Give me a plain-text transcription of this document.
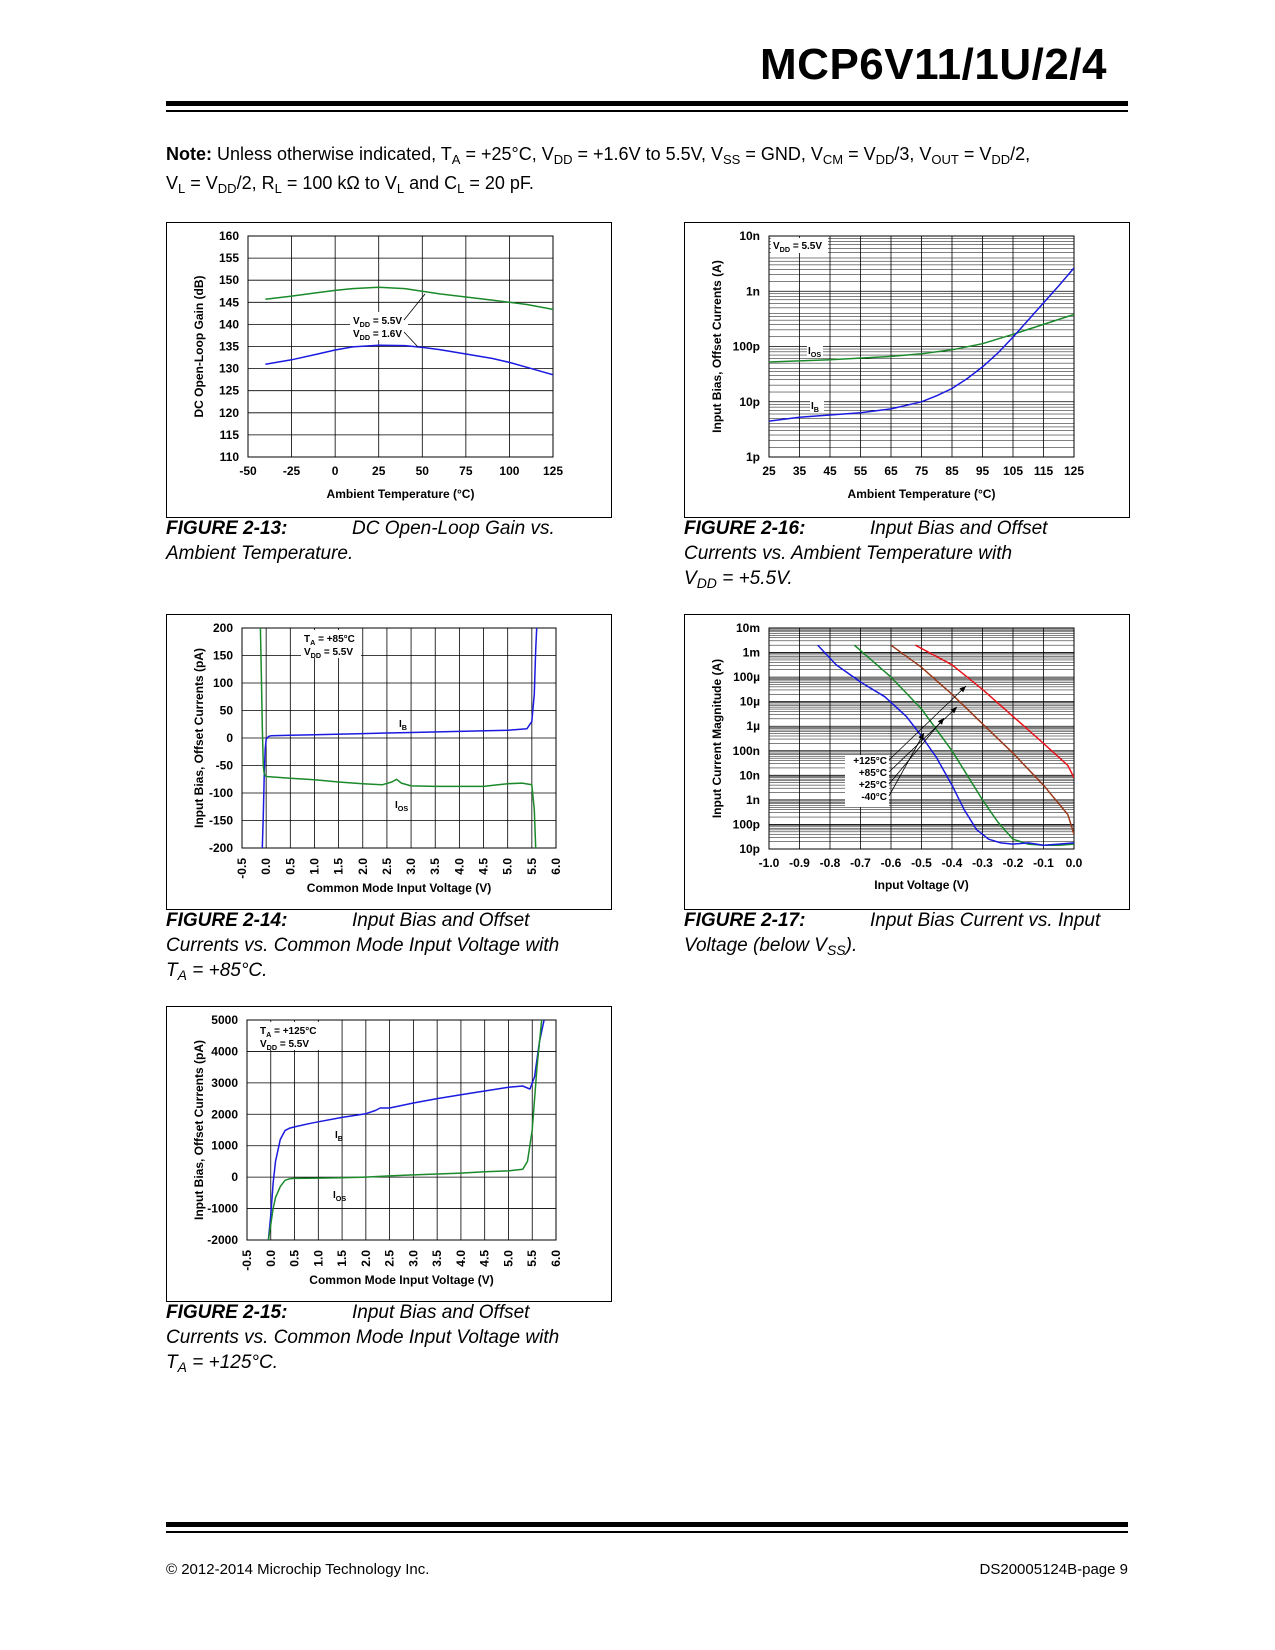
MCP6V11/1U/2/4
Note: Unless otherwise indicated, $T_A = +25^\circ C$, $V_{DD} = +1.6V$ to 5.5V, $V_{SS}$ = GND, $V_{CM} = V_{DD}/3$, $V_{OUT} = V_{DD}/2$,
$V_L = V_{DD}/2$, $R_L = 100$ kΩ to $V_L$ and $C_L = 20$ pF.
110
115
120
125
130
135
140
145
150
155
160
-50 -25	0	25	50	75 100 125
Ambient Temperature (°C)
DC Open-Loop Gain (dB)	$V_{DD} = 5.5V$
$V_{DD} = 1.6V$
1p
10p
100p
1n
10n
25 35 45 55 65 75 85 95 105 115 125
Ambient Temperature (°C)
Input Bias, Offset Currents (A)
$V_{DD} = 5.5V$
$I_{OS}$
$I_B$
-200
-150
-100
-50
0
50
100
150
200
-0.5 0.0 0.5 1.0 1.5 2.0 2.5 3.0 3.5 4.0 4.5 5.0 5.5 6.0
Common Mode Input Voltage (V)
Input Bias, Offset Currents (pA)
$T_A = +85^\circ C$
$V_{DD} = 5.5V$
$I_B$
$I_{OS}$
10p
100p
1n
10n
100n
1µ
10µ
100µ
1m
10m
-1.0 -0.9 -0.8 -0.7 -0.6 -0.5 -0.4 -0.3 -0.2 -0.1 0.0
Input Voltage (V)
Input Current Magnitude (A)	+125°C
+85°C
+25°C
-40°C
-2000
-1000
0
1000
2000
3000
4000
5000
-0.5 0.0 0.5 1.0 1.5 2.0 2.5 3.0 3.5 4.0 4.5 5.0 5.5 6.0
Common Mode Input Voltage (V)
Input Bias, Offset Currents (pA)
$T_A = +125^\circ C$
$V_{DD} = 5.5V$
$I_B$
$I_{OS}$
FIGURE 2-13:	DC Open-Loop Gain vs.
Ambient Temperature.
FIGURE 2-16:	Input Bias and Offset
Currents vs. Ambient Temperature with
$V_{DD} = +5.5V$.
FIGURE 2-14:	Input Bias and Offset
Currents vs. Common Mode Input Voltage with
$T_A = +85^\circ C$.
FIGURE 2-17:	Input Bias Current vs. Input
Voltage (below $V_{SS}$).
FIGURE 2-15:	Input Bias and Offset
Currents vs. Common Mode Input Voltage with
$T_A = +125^\circ C$.
© 2012-2014 Microchip Technology Inc.	DS20005124B-page 9
